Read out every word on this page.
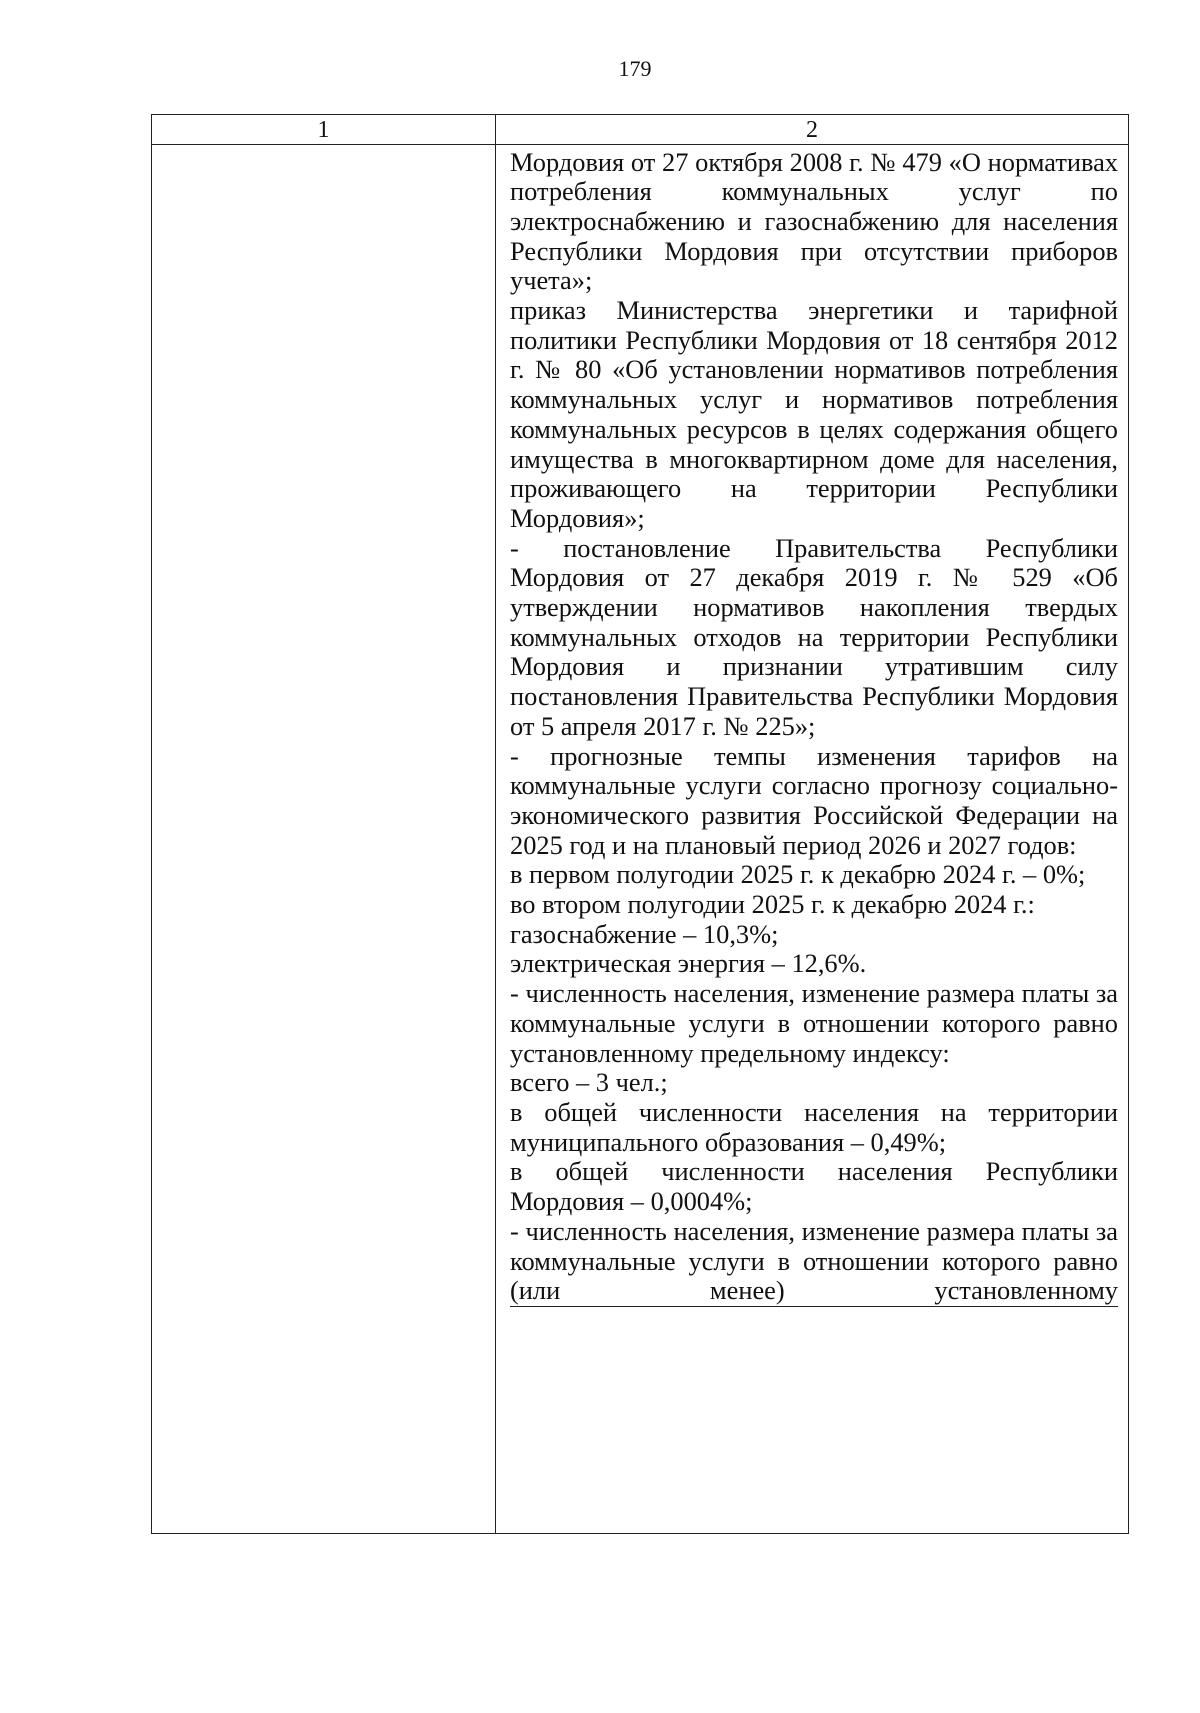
179
1	2

Мордовия от 27 октября 2008 г. № 479 «О нормативах потребления коммунальных услуг по электроснабжению и газоснабжению для населения Республики Мордовия при отсутствии приборов учета»;

приказ Министерства энергетики и тарифной политики Республики Мордовия от 18 сентября 2012 г. № 80 «Об установлении нормативов потребления коммунальных услуг и нормативов потребления коммунальных ресурсов в целях содержания общего имущества в многоквартирном доме для населения, проживающего на территории Республики Мордовия»;

- постановление Правительства Республики Мордовия от 27 декабря 2019 г. № 529 «Об утверждении нормативов накопления твердых коммунальных отходов на территории Республики Мордовия и признании утратившим силу постановления Правительства Республики Мордовия от 5 апреля 2017 г. № 225»;

- прогнозные темпы изменения тарифов на коммунальные услуги согласно прогнозу социально-экономического развития Российской Федерации на 2025 год и на плановый период 2026 и 2027 годов:

в первом полугодии 2025 г. к декабрю 2024 г. – 0%;

во втором полугодии 2025 г. к декабрю 2024 г.:

газоснабжение – 10,3%;

электрическая энергия – 12,6%.

- численность населения, изменение размера платы за коммунальные услуги в отношении которого равно установленному предельному индексу:

всего – 3 чел.;

в общей численности населения на территории муниципального образования – 0,49%;

в общей численности населения Республики Мордовия – 0,0004%;

- численность населения, изменение размера платы за коммунальные услуги в отношении которого равно (или менее) установленному
